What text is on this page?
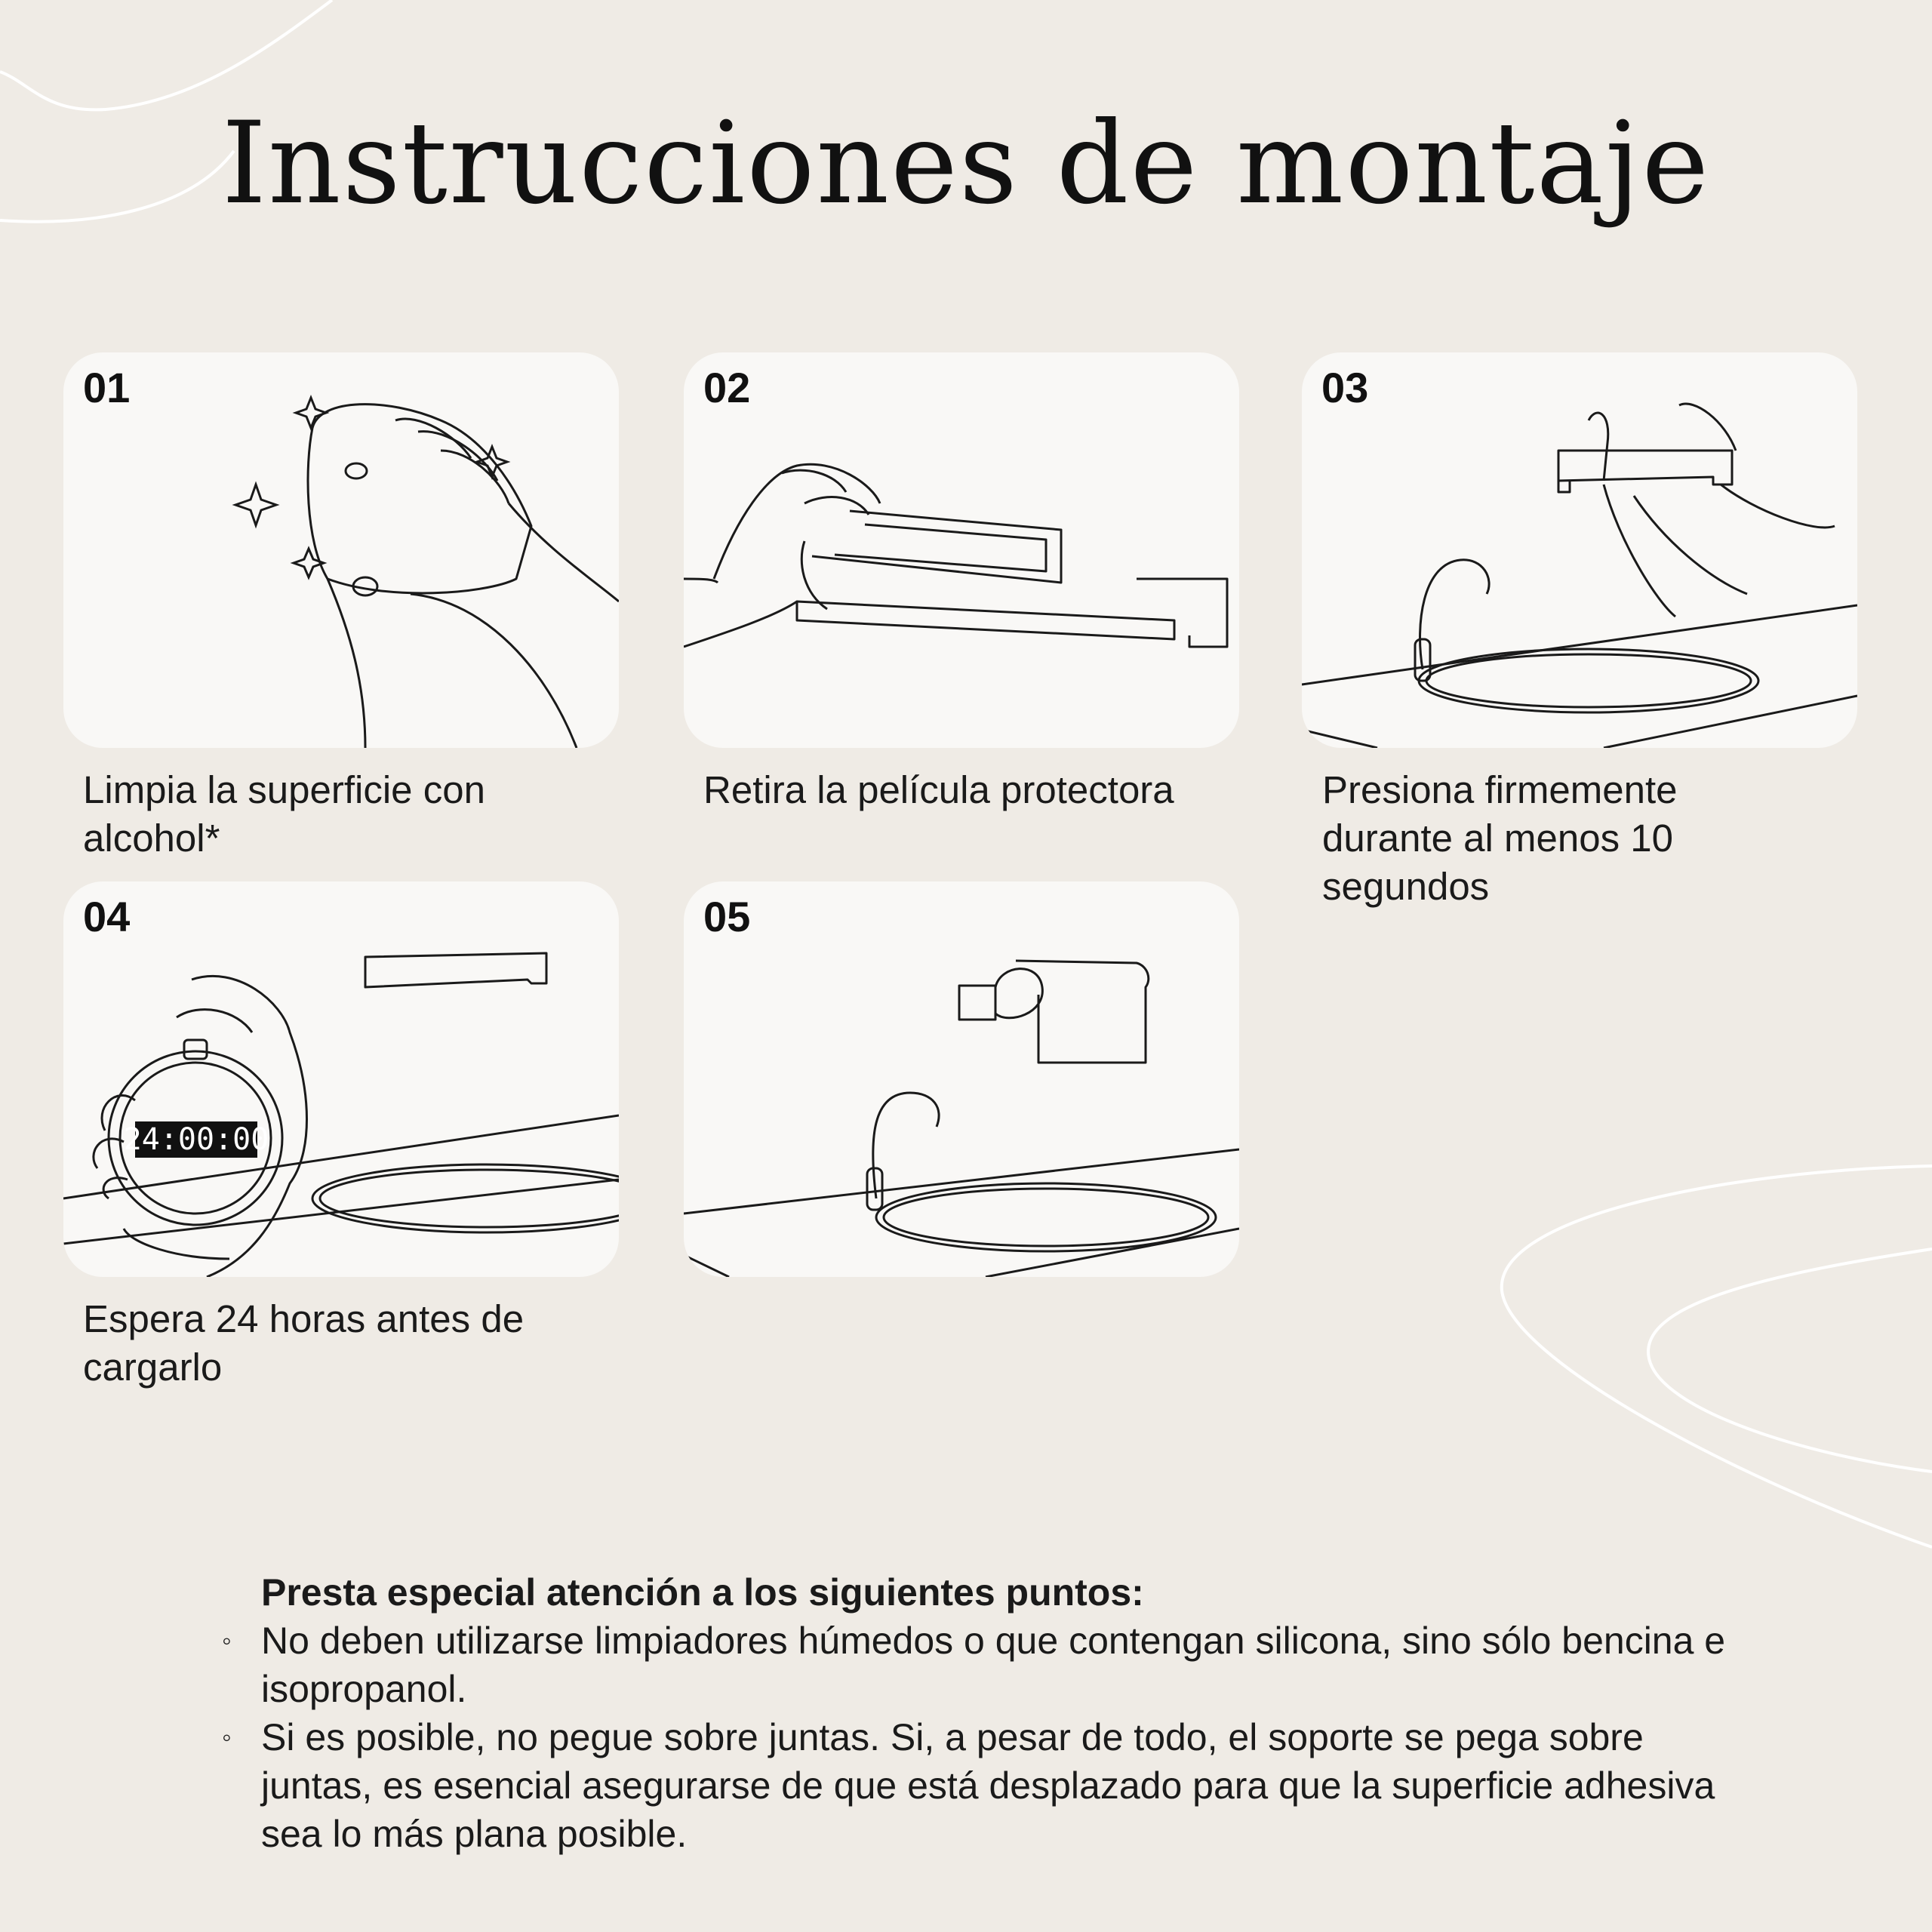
Instrucciones de montaje
01
Limpia la superficie con alcohol*
02
Retira la película protectora
03
Presiona firmemente durante al menos 10 segundos
24:00:00
04
Espera 24 horas antes de cargarlo
05
Presta especial atención a los siguientes puntos:
◦ No deben utilizarse limpiadores húmedos o que contengan silicona, sino sólo bencina e isopropanol.
◦ Si es posible, no pegue sobre juntas. Si, a pesar de todo, el soporte se pega sobre juntas, es esencial asegurarse de que está desplazado para que la superficie adhesiva sea lo más plana posible.
